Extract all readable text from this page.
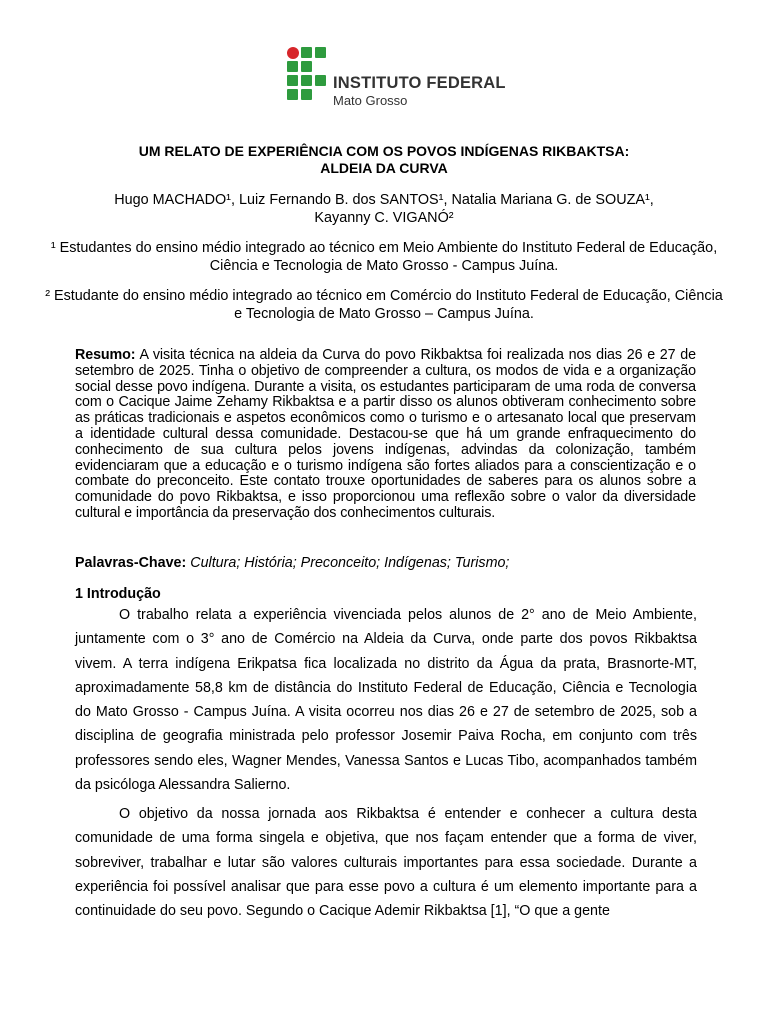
INSTITUTO FEDERAL
Mato Grosso
UM RELATO DE EXPERIÊNCIA COM OS POVOS INDÍGENAS RIKBAKTSA:
ALDEIA DA CURVA
Hugo MACHADO¹, Luiz Fernando B. dos SANTOS¹, Natalia Mariana G. de SOUZA¹,
Kayanny C. VIGANÓ²
¹ Estudantes do ensino médio integrado ao técnico em Meio Ambiente do Instituto Federal de Educação, Ciência e Tecnologia de Mato Grosso - Campus Juína.
² Estudante do ensino médio integrado ao técnico em Comércio do Instituto Federal de Educação, Ciência e Tecnologia de Mato Grosso – Campus Juína.
Resumo: A visita técnica na aldeia da Curva do povo Rikbaktsa foi realizada nos dias 26 e 27 de setembro de 2025. Tinha o objetivo de compreender a cultura, os modos de vida e a organização social desse povo indígena. Durante a visita, os estudantes participaram de uma roda de conversa com o Cacique Jaime Zehamy Rikbaktsa e a partir disso os alunos obtiveram conhecimento sobre as práticas tradicionais e aspetos econômicos como o turismo e o artesanato local que preservam a identidade cultural dessa comunidade. Destacou-se que há um grande enfraquecimento do conhecimento de sua cultura pelos jovens indígenas, advindas da colonização, também evidenciaram que a educação e o turismo indígena são fortes aliados para a conscientização e o combate do preconceito. Este contato trouxe oportunidades de saberes para os alunos sobre a comunidade do povo Rikbaktsa, e isso proporcionou uma reflexão sobre o valor da diversidade cultural e importância da preservação dos conhecimentos culturais.
Palavras-Chave: Cultura; História; Preconceito; Indígenas; Turismo;
1 Introdução

O trabalho relata a experiência vivenciada pelos alunos de 2° ano de Meio Ambiente, juntamente com o 3° ano de Comércio na Aldeia da Curva, onde parte dos povos Rikbaktsa vivem. A terra indígena Erikpatsa fica localizada no distrito da Água da prata, Brasnorte-MT, aproximadamente 58,8 km de distância do Instituto Federal de Educação, Ciência e Tecnologia do Mato Grosso - Campus Juína. A visita ocorreu nos dias 26 e 27 de setembro de 2025, sob a disciplina de geografia ministrada pelo professor Josemir Paiva Rocha, em conjunto com três professores sendo eles, Wagner Mendes, Vanessa Santos e Lucas Tibo, acompanhados também da psicóloga Alessandra Salierno.

O objetivo da nossa jornada aos Rikbaktsa é entender e conhecer a cultura desta comunidade de uma forma singela e objetiva, que nos façam entender que a forma de viver, sobreviver, trabalhar e lutar são valores culturais importantes para essa sociedade. Durante a experiência foi possível analisar que para esse povo a cultura é um elemento importante para a continuidade do seu povo. Segundo o Cacique Ademir Rikbaktsa [1], “O que a gente
